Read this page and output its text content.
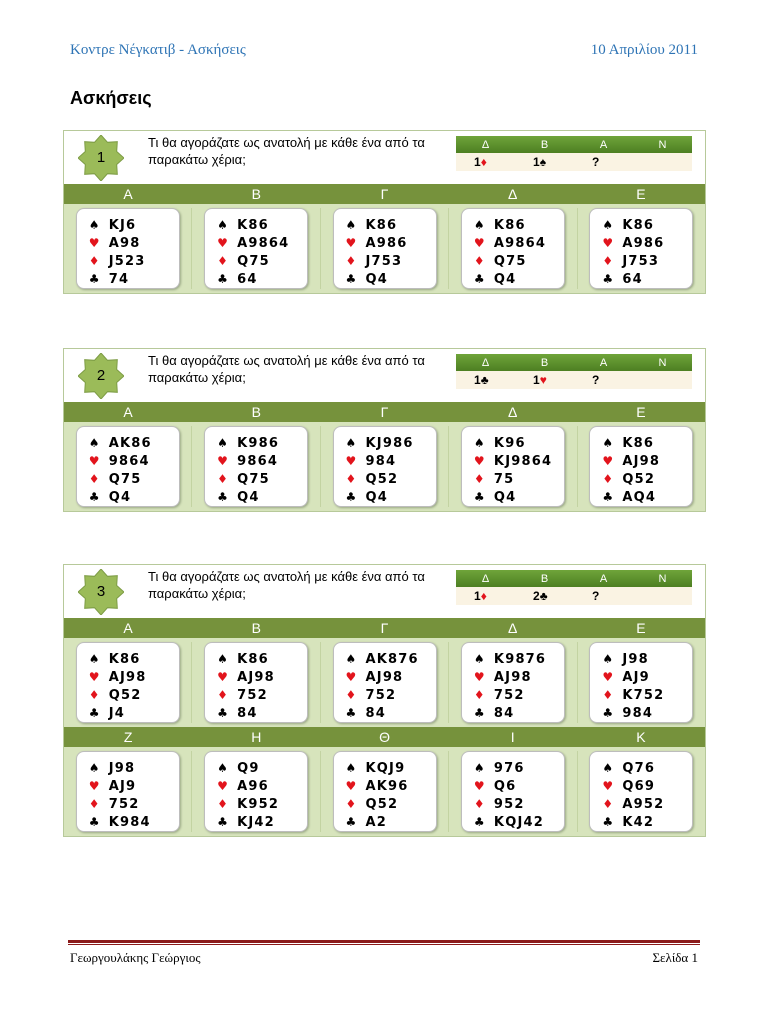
Κοντρε Νέγκατιβ - Ασκήσεις	10 Απριλίου 2011
Ασκήσεις
1
Τι θα αγοράζατε ως ανατολή με κάθε ένα από τα παρακάτω χέρια;
Δ	Β	Α	Ν
1♦	1♠	?
Α	Β	Γ	Δ	Ε
♠ KJ6
♥ A98
♦ J523
♣ 74
♠ K86
♥ A9864
♦ Q75
♣ 64
♠ K86
♥ A986
♦ J753
♣ Q4
♠ K86
♥ A9864
♦ Q75
♣ Q4
♠ K86
♥ A986
♦ J753
♣ 64
2
Τι θα αγοράζατε ως ανατολή με κάθε ένα από τα παρακάτω χέρια;
Δ	Β	Α	Ν
1♣	1♥	?
Α	Β	Γ	Δ	Ε
♠ AK86
♥ 9864
♦ Q75
♣ Q4
♠ K986
♥ 9864
♦ Q75
♣ Q4
♠ KJ986
♥ 984
♦ Q52
♣ Q4
♠ K96
♥ KJ9864
♦ 75
♣ Q4
♠ K86
♥ AJ98
♦ Q52
♣ AQ4
3
Τι θα αγοράζατε ως ανατολή με κάθε ένα από τα παρακάτω χέρια;
Δ	Β	Α	Ν
1♦	2♣	?
Α	Β	Γ	Δ	Ε
♠ K86
♥ AJ98
♦ Q52
♣ J4
♠ K86
♥ AJ98
♦ 752
♣ 84
♠ AK876
♥ AJ98
♦ 752
♣ 84
♠ K9876
♥ AJ98
♦ 752
♣ 84
♠ J98
♥ AJ9
♦ K752
♣ 984
Ζ	Η	Θ	Ι	Κ
♠ J98
♥ AJ9
♦ 752
♣ K984
♠ Q9
♥ A96
♦ K952
♣ KJ42
♠ KQJ9
♥ AK96
♦ Q52
♣ A2
♠ 976
♥ Q6
♦ 952
♣ KQJ42
♠ Q76
♥ Q69
♦ A952
♣ K42
Γεωργουλάκης Γεώργιος	Σελίδα 1
